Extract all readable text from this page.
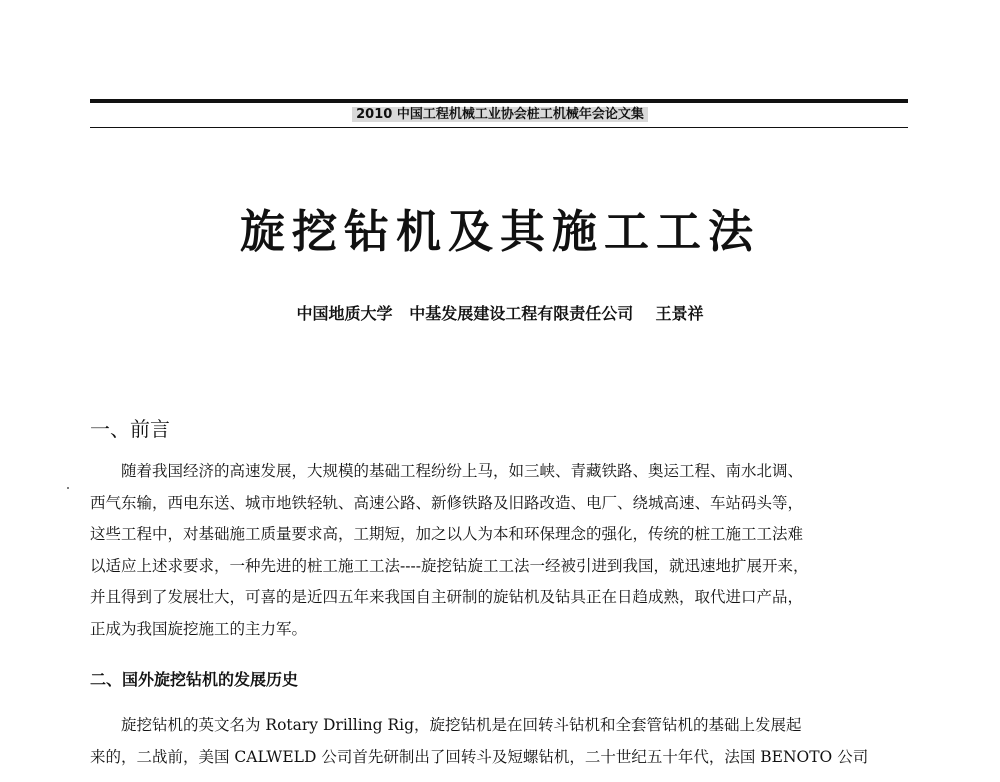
2010 中国工程机械工业协会桩工机械年会论文集
旋挖钻机及其施工工法
中国地质大学   中基发展建设工程有限责任公司    王景祥
一、前言
随着我国经济的高速发展，大规模的基础工程纷纷上马，如三峡、青藏铁路、奥运工程、南水北调、
西气东输，西电东送、城市地铁轻轨、高速公路、新修铁路及旧路改造、电厂、绕城高速、车站码头等，
这些工程中，对基础施工质量要求高，工期短，加之以人为本和环保理念的强化，传统的桩工施工工法难
以适应上述求要求，一种先进的桩工施工工法----旋挖钻旋工工法一经被引进到我国，就迅速地扩展开来，
并且得到了发展壮大，可喜的是近四五年来我国自主研制的旋钻机及钻具正在日趋成熟，取代进口产品，
正成为我国旋挖施工的主力军。
二、国外旋挖钻机的发展历史
旋挖钻机的英文名为 Rotary Drilling Rig，旋挖钻机是在回转斗钻机和全套管钻机的基础上发展起
来的，二战前，美国 CALWELD 公司首先研制出了回转斗及短螺钻机，二十世纪五十年代，法国 BENOTO 公司
